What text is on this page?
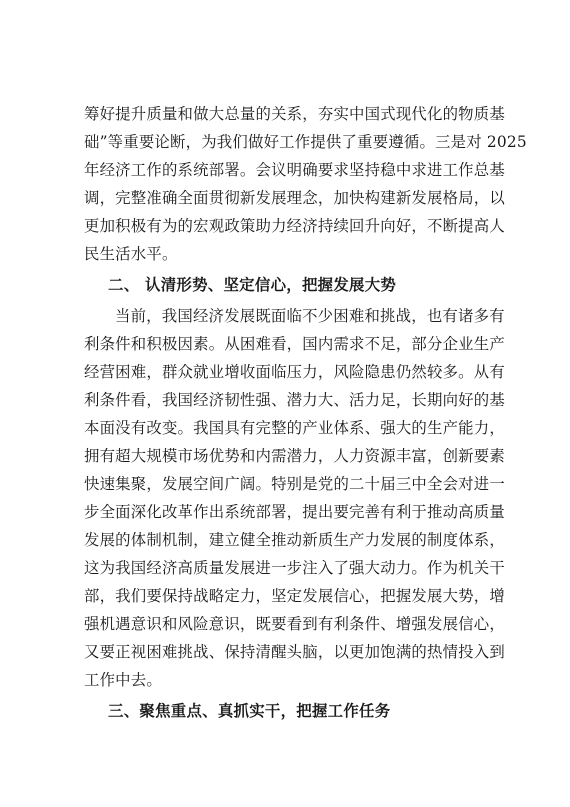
筹好提升质量和做大总量的关系，夯实中国式现代化的物质基
础”等重要论断，为我们做好工作提供了重要遵循。三是对 2025
年经济工作的系统部署。会议明确要求坚持稳中求进工作总基
调，完整准确全面贯彻新发展理念，加快构建新发展格局，以
更加积极有为的宏观政策助力经济持续回升向好，不断提高人
民生活水平。
二、 认清形势、坚定信心，把握发展大势
当前，我国经济发展既面临不少困难和挑战，也有诸多有
利条件和积极因素。从困难看，国内需求不足，部分企业生产
经营困难，群众就业增收面临压力，风险隐患仍然较多。从有
利条件看，我国经济韧性强、潜力大、活力足，长期向好的基
本面没有改变。我国具有完整的产业体系、强大的生产能力，
拥有超大规模市场优势和内需潜力，人力资源丰富，创新要素
快速集聚，发展空间广阔。特别是党的二十届三中全会对进一
步全面深化改革作出系统部署，提出要完善有利于推动高质量
发展的体制机制，建立健全推动新质生产力发展的制度体系，
这为我国经济高质量发展进一步注入了强大动力。作为机关干
部，我们要保持战略定力，坚定发展信心，把握发展大势，增
强机遇意识和风险意识，既要看到有利条件、增强发展信心，
又要正视困难挑战、保持清醒头脑，以更加饱满的热情投入到
工作中去。
三、聚焦重点、真抓实干，把握工作任务
